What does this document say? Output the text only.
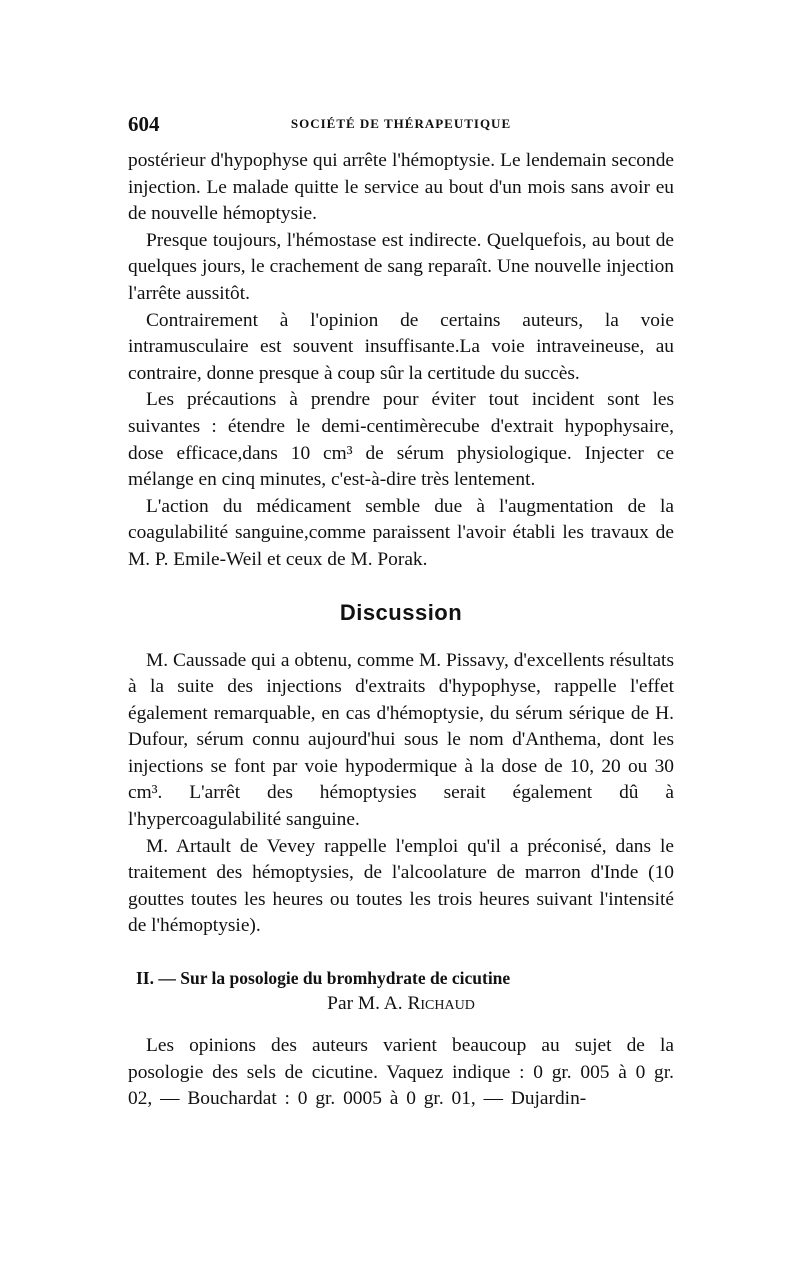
604	SOCIÉTÉ DE THÉRAPEUTIQUE

postérieur d'hypophyse qui arrête l'hémoptysie. Le lendemain seconde injection. Le malade quitte le service au bout d'un mois sans avoir eu de nouvelle hémoptysie.

Presque toujours, l'hémostase est indirecte. Quelquefois, au bout de quelques jours, le crachement de sang reparaît. Une nouvelle injection l'arrête aussitôt.

Contrairement à l'opinion de certains auteurs, la voie intramusculaire est souvent insuffisante.La voie intraveineuse, au contraire, donne presque à coup sûr la certitude du succès.

Les précautions à prendre pour éviter tout incident sont les suivantes : étendre le demi-centimèrecube d'extrait hypophysaire, dose efficace,dans 10 cm³ de sérum physiologique. Injecter ce mélange en cinq minutes, c'est-à-dire très lentement.

L'action du médicament semble due à l'augmentation de la coagulabilité sanguine,comme paraissent l'avoir établi les travaux de M. P. Emile-Weil et ceux de M. Porak.

Discussion

M. Caussade qui a obtenu, comme M. Pissavy, d'excellents résultats à la suite des injections d'extraits d'hypophyse, rappelle l'effet également remarquable, en cas d'hémoptysie, du sérum sérique de H. Dufour, sérum connu aujourd'hui sous le nom d'Anthema, dont les injections se font par voie hypodermique à la dose de 10, 20 ou 30 cm³. L'arrêt des hémoptysies serait également dû à l'hypercoagulabilité sanguine.

M. Artault de Vevey rappelle l'emploi qu'il a préconisé, dans le traitement des hémoptysies, de l'alcoolature de marron d'Inde (10 gouttes toutes les heures ou toutes les trois heures suivant l'intensité de l'hémoptysie).

II. — Sur la posologie du bromhydrate de cicutine
Par M. A. Richaud

Les opinions des auteurs varient beaucoup au sujet de la posologie des sels de cicutine. Vaquez indique : 0 gr. 005 à 0 gr. 02, — Bouchardat : 0 gr. 0005 à 0 gr. 01, — Dujardin-
